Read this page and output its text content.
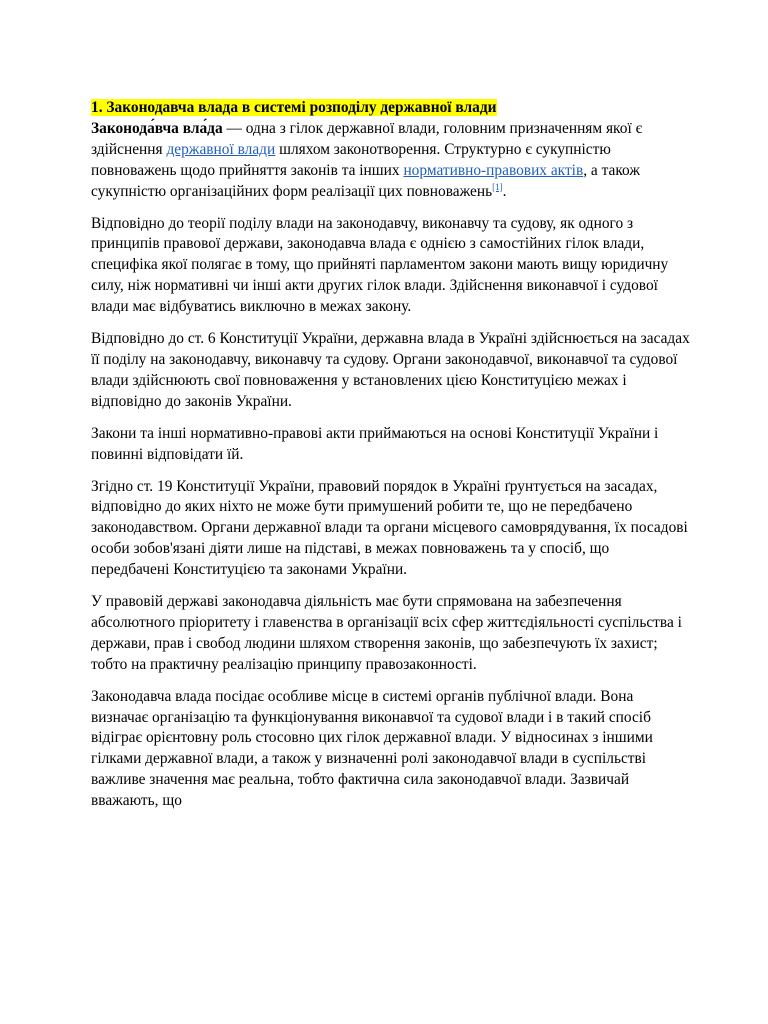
1. Законодавча влада в системі розподілу державної влади

Законода́вча вла́да — одна з гілок державної влади, головним призначенням якої є здійснення державної влади шляхом законотворення. Структурно є сукупністю повноважень щодо прийняття законів та інших нормативно-правових актів, а також сукупністю організаційних форм реалізації цих повноважень[1].

Відповідно до теорії поділу влади на законодавчу, виконавчу та судову, як одного з принципів правової держави, законодавча влада є однією з самостійних гілок влади, специфіка якої полягає в тому, що прийняті парламентом закони мають вищу юридичну силу, ніж нормативні чи інші акти других гілок влади. Здійснення виконавчої і судової влади має відбуватись виключно в межах закону.

Відповідно до ст. 6 Конституції України, державна влада в Україні здійснюється на засадах її поділу на законодавчу, виконавчу та судову. Органи законодавчої, виконавчої та судової влади здійснюють свої повноваження у встановлених цією Конституцією межах і відповідно до законів України.

Закони та інші нормативно-правові акти приймаються на основі Конституції України і повинні відповідати їй.

Згідно ст. 19 Конституції України, правовий порядок в Україні ґрунтується на засадах, відповідно до яких ніхто не може бути примушений робити те, що не передбачено законодавством. Органи державної влади та органи місцевого самоврядування, їх посадові особи зобов'язані діяти лише на підставі, в межах повноважень та у спосіб, що передбачені Конституцією та законами України.

У правовій державі законодавча діяльність має бути спрямована на забезпечення абсолютного пріоритету і главенства в організації всіх сфер життєдіяльності суспільства і держави, прав і свобод людини шляхом створення законів, що забезпечують їх захист; тобто на практичну реалізацію принципу правозаконності.

Законодавча влада посідає особливе місце в системі органів публічної влади. Вона визначає організацію та функціонування виконавчої та судової влади і в такий спосіб відіграє орієнтовну роль стосовно цих гілок державної влади. У відносинах з іншими гілками державної влади, а також у визначенні ролі законодавчої влади в суспільстві важливе значення має реальна, тобто фактична сила законодавчої влади. Зазвичай вважають, що
